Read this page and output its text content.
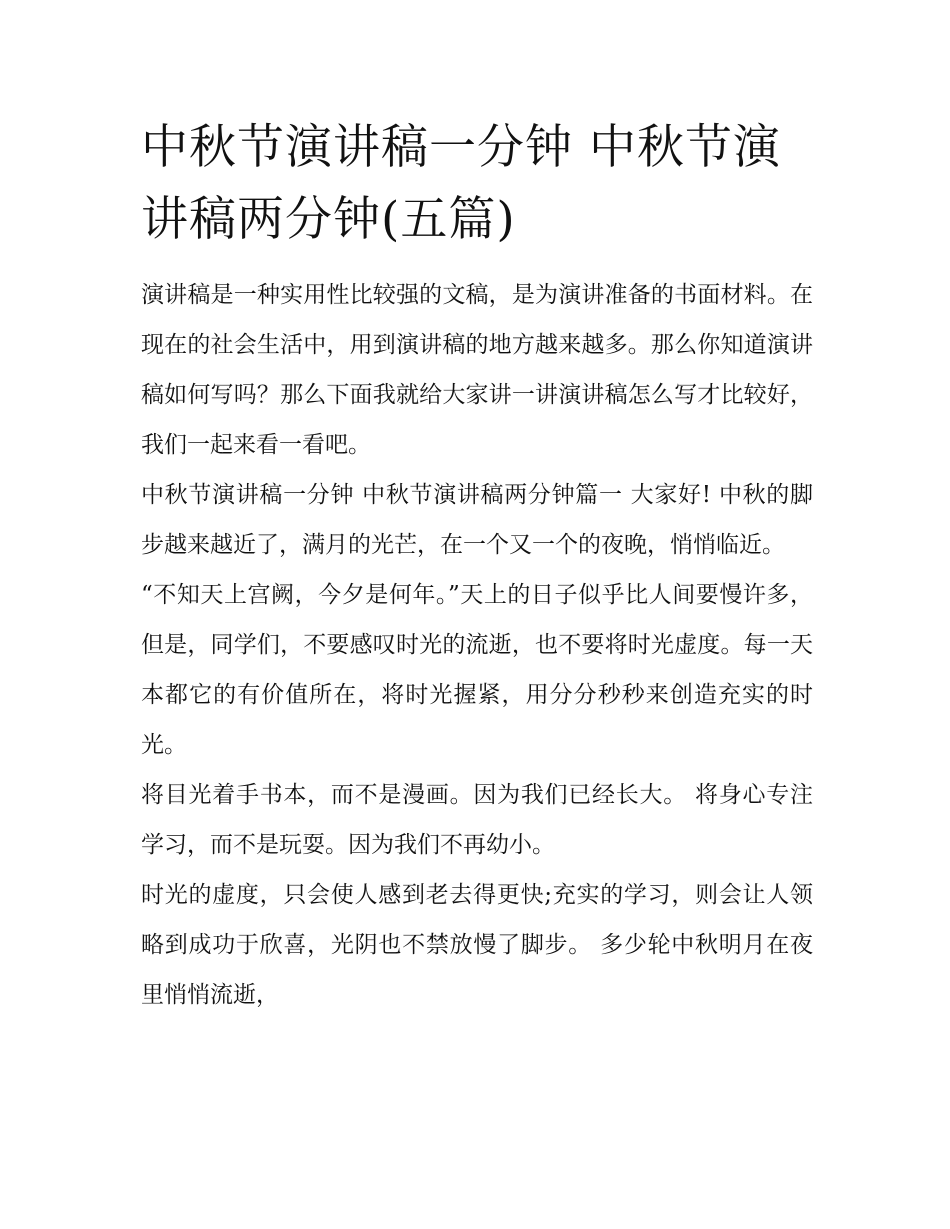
中秋节演讲稿一分钟 中秋节演讲稿两分钟(五篇)

演讲稿是一种实用性比较强的文稿，是为演讲准备的书面材料。在现在的社会生活中，用到演讲稿的地方越来越多。那么你知道演讲稿如何写吗？那么下面我就给大家讲一讲演讲稿怎么写才比较好，我们一起来看一看吧。

中秋节演讲稿一分钟 中秋节演讲稿两分钟篇一 大家好! 中秋的脚步越来越近了，满月的光芒，在一个又一个的夜晚，悄悄临近。

“不知天上宫阙，今夕是何年。”天上的日子似乎比人间要慢许多，但是，同学们，不要感叹时光的流逝，也不要将时光虚度。每一天本都它的有价值所在，将时光握紧，用分分秒秒来创造充实的时光。

将目光着手书本，而不是漫画。因为我们已经长大。 将身心专注学习，而不是玩耍。因为我们不再幼小。

时光的虚度，只会使人感到老去得更快;充实的学习，则会让人领略到成功于欣喜，光阴也不禁放慢了脚步。 多少轮中秋明月在夜里悄悄流逝，
